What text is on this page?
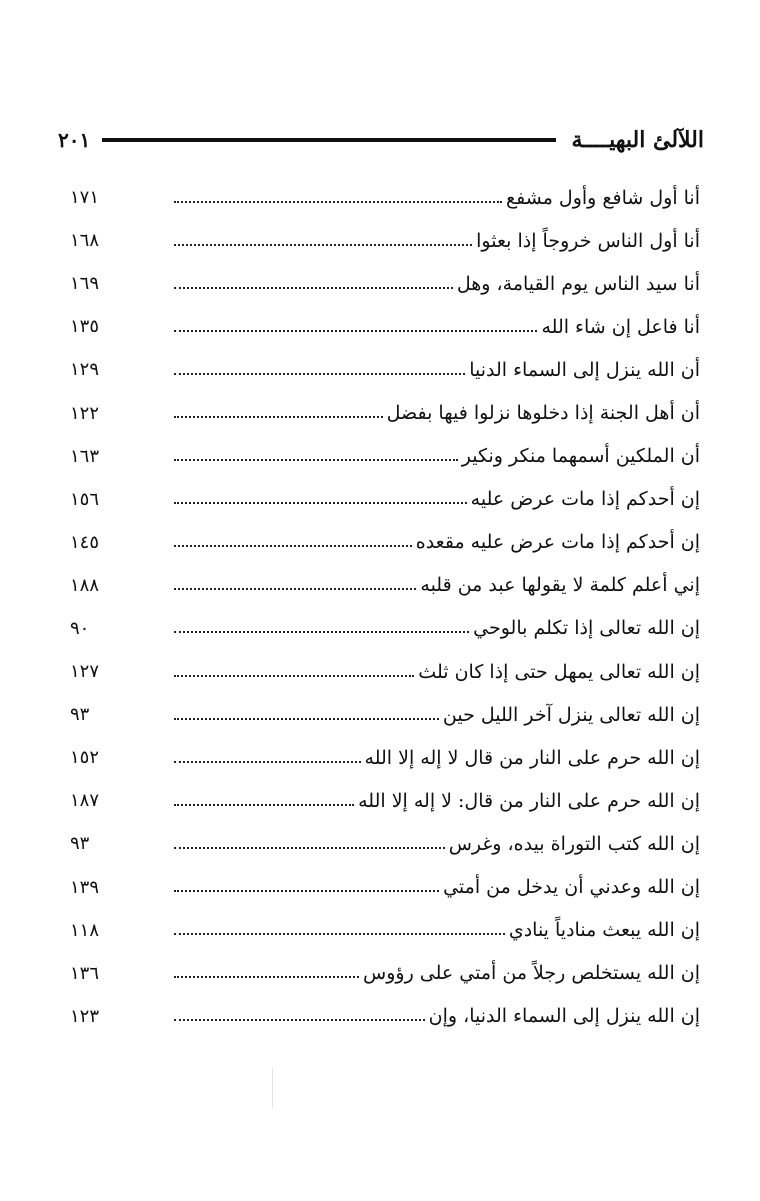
اللآلئ البهيــــة
٢٠١
أنا أول شافع وأول مشفع
١٧١
أنا أول الناس خروجاً إذا بعثوا
١٦٨
أنا سيد الناس يوم القيامة، وهل
١٦٩
أنا فاعل إن شاء الله
١٣٥
أن الله ينزل إلى السماء الدنيا
١٢٩
أن أهل الجنة إذا دخلوها نزلوا فيها بفضل
١٢٢
أن الملكين أسمهما منكر ونكير
١٦٣
إن أحدكم إذا مات عرض عليه
١٥٦
إن أحدكم إذا مات عرض عليه مقعده
١٤٥
إني أعلم كلمة لا يقولها عبد من قلبه
١٨٨
إن الله تعالى إذا تكلم بالوحي
٩٠
إن الله تعالى يمهل حتى إذا كان ثلث
١٢٧
إن الله تعالى ينزل آخر الليل حين
٩٣
إن الله حرم على النار من قال لا إله إلا الله
١٥٢
إن الله حرم على النار من قال: لا إله إلا الله
١٨٧
إن الله كتب التوراة بيده، وغرس
٩٣
إن الله وعدني أن يدخل من أمتي
١٣٩
إن الله يبعث منادياً ينادي
١١٨
إن الله يستخلص رجلاً من أمتي على رؤوس
١٣٦
إن الله ينزل إلى السماء الدنيا، وإن
١٢٣
